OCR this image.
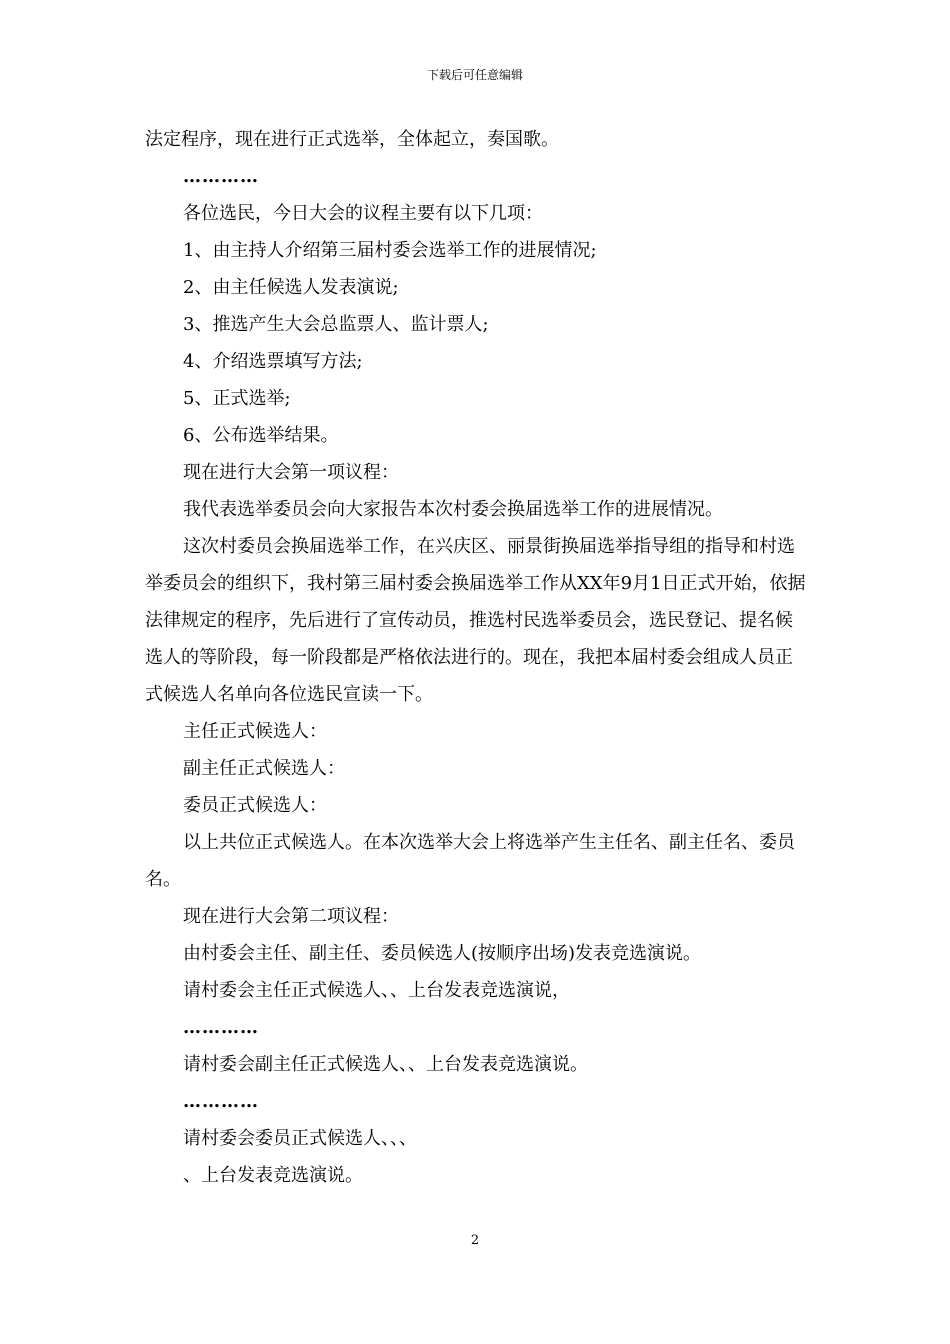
下载后可任意编辑

法定程序，现在进行正式选举，全体起立，奏国歌。

…………

各位选民，今日大会的议程主要有以下几项：

1、由主持人介绍第三届村委会选举工作的进展情况;

2、由主任候选人发表演说;

3、推选产生大会总监票人、监计票人;

4、介绍选票填写方法;

5、正式选举;

6、公布选举结果。

现在进行大会第一项议程：

我代表选举委员会向大家报告本次村委会换届选举工作的进展情况。

这次村委员会换届选举工作，在兴庆区、丽景街换届选举指导组的指导和村选举委员会的组织下，我村第三届村委会换届选举工作从XX年9月1日正式开始，依据法律规定的程序，先后进行了宣传动员，推选村民选举委员会，选民登记、提名候选人的等阶段，每一阶段都是严格依法进行的。现在，我把本届村委会组成人员正式候选人名单向各位选民宣读一下。

主任正式候选人：

副主任正式候选人：

委员正式候选人：

以上共位正式候选人。在本次选举大会上将选举产生主任名、副主任名、委员名。

现在进行大会第二项议程：

由村委会主任、副主任、委员候选人(按顺序出场)发表竞选演说。

请村委会主任正式候选人、、上台发表竞选演说，

…………

请村委会副主任正式候选人、、上台发表竞选演说。

…………

请村委会委员正式候选人、、、

、上台发表竞选演说。

2
